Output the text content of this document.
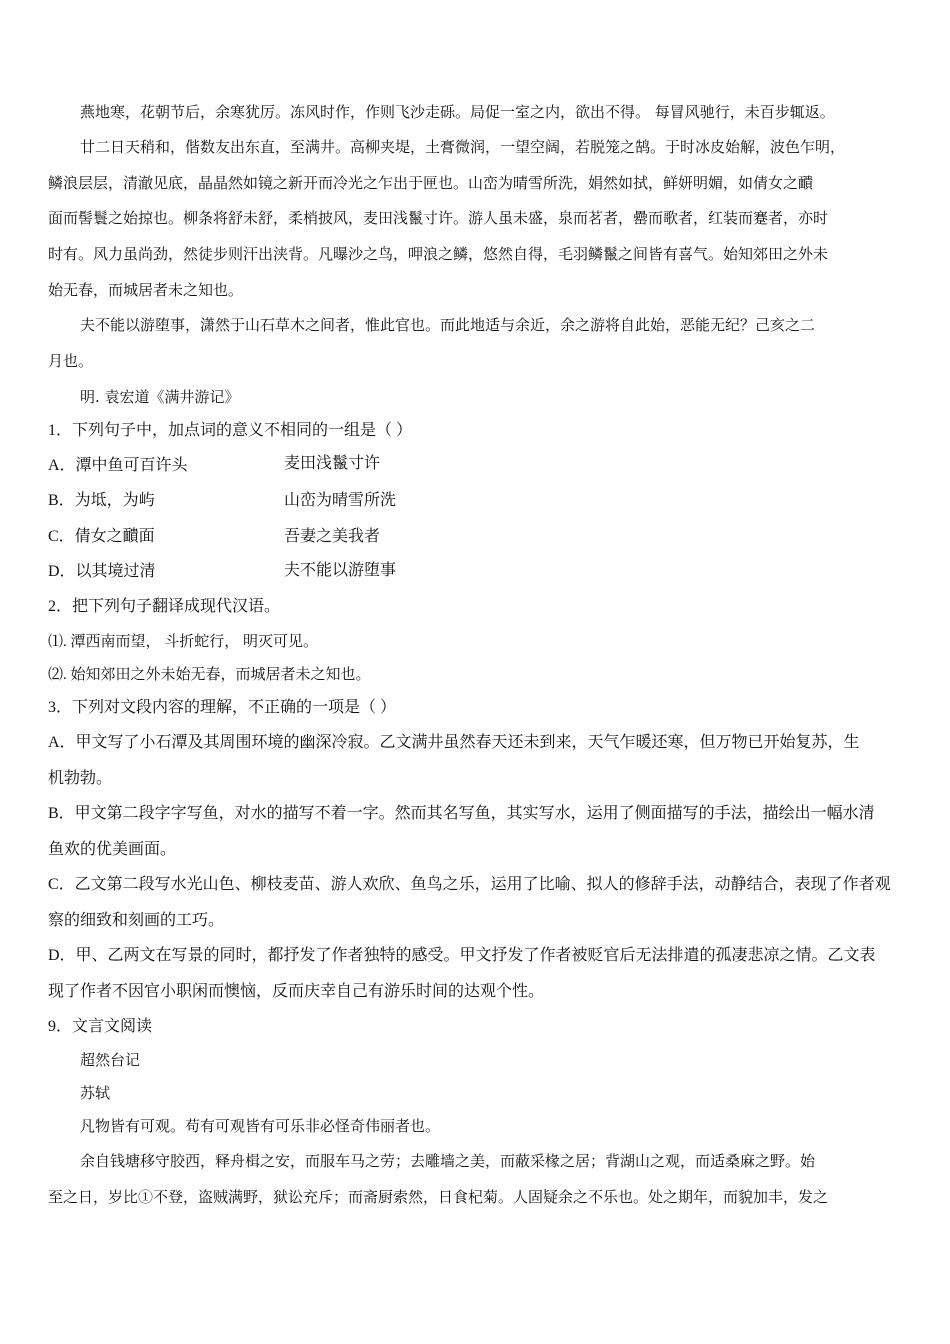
燕地寒，花朝节后，余寒犹厉。冻风时作，作则飞沙走砾。局促一室之内，欲出不得。 每冒风驰行，未百步辄返。
廿二日天稍和，偕数友出东直，至满井。高柳夹堤，土膏微润，一望空阔，若脱笼之鹄。于时冰皮始解，波色乍明，
鳞浪层层，清澈见底，晶晶然如镜之新开而冷光之乍出于匣也。山峦为晴雪所洗，娟然如拭，鲜妍明媚，如倩女之靧
面而髻鬟之始掠也。柳条将舒未舒，柔梢披风，麦田浅鬣寸许。游人虽未盛，泉而茗者，罍而歌者，红装而蹇者，亦时
时有。风力虽尚劲，然徒步则汗出浃背。凡曝沙之鸟，呷浪之鳞，悠然自得，毛羽鳞鬣之间皆有喜气。始知郊田之外未
始无春，而城居者未之知也。
夫不能以游堕事，潇然于山石草木之间者，惟此官也。而此地适与余近，余之游将自此始，恶能无纪？己亥之二
月也。
明. 袁宏道《满井游记》
1．下列句子中，加点词的意义不相同的一组是（ ）
A．潭中鱼可百许头	麦田浅鬣寸许
B．为坻，为屿	山峦为晴雪所洗
C．倩女之靧面	吾妻之美我者
D．以其境过清	夫不能以游堕事
2．把下列句子翻译成现代汉语。
⑴. 潭西南而望， 斗折蛇行， 明灭可见。
⑵. 始知郊田之外未始无春，而城居者未之知也。
3．下列对文段内容的理解，不正确的一项是（ ）
A．甲文写了小石潭及其周围环境的幽深冷寂。乙文满井虽然春天还未到来，天气乍暖还寒，但万物已开始复苏，生
机勃勃。
B．甲文第二段字字写鱼，对水的描写不着一字。然而其名写鱼，其实写水，运用了侧面描写的手法，描绘出一幅水清
鱼欢的优美画面。
C．乙文第二段写水光山色、柳枝麦苗、游人欢欣、鱼鸟之乐，运用了比喻、拟人的修辞手法，动静结合，表现了作者观
察的细致和刻画的工巧。
D．甲、乙两文在写景的同时，都抒发了作者独特的感受。甲文抒发了作者被贬官后无法排遣的孤凄悲凉之情。乙文表
现了作者不因官小职闲而懊恼，反而庆幸自己有游乐时间的达观个性。
9．文言文阅读
超然台记
苏轼
凡物皆有可观。苟有可观皆有可乐非必怪奇伟丽者也。
余自钱塘移守胶西，释舟楫之安，而服车马之劳；去雕墙之美，而蔽采椽之居；背湖山之观，而适桑麻之野。始
至之日，岁比①不登，盗贼满野，狱讼充斥；而斋厨索然，日食杞菊。人固疑余之不乐也。处之期年，而貌加丰，发之
